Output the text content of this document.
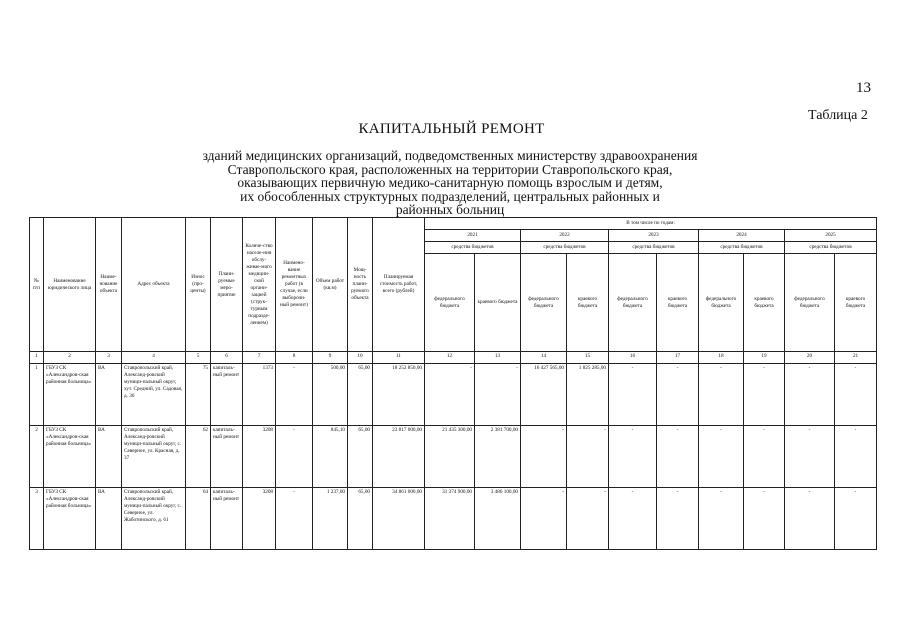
13
Таблица 2
КАПИТАЛЬНЫЙ РЕМОНТ
зданий медицинских организаций, подведомственных министерству здравоохранения
Ставропольского края, расположенных на территории Ставропольского края,
оказывающих первичную медико-санитарную помощь взрослым и детям,
их обособленных структурных подразделений, центральных районных и
районных больниц
№ п/п	Наименование юридического лица	Наиме-нование объекта	Адрес объекта	Износ (про-центы)	Плани-руемые меро-приятие	Количе-ство населе-ния обслу-живае-мого медицин-ской органи-зацией (струк-турным подразде-лением)	Наимено-вание ремонтных работ (в случае, если выборочн-ный ремонт)	Объем работ (кв.м)	Мощ-ность плани-руемого объекта	Планируемая стоимость работ, всего (рублей)	В том числе по годам:									
											2021		2022		2023		2024		2025	
											средства бюджетов		средства бюджетов		средства бюджетов		средства бюджетов		средства бюджетов	
											федерального бюджета	краевого бюджета	федерального бюджета	краевого бюджета	федерального бюджета	краевого бюджета	федерального бюджета	краевого бюджета	федерального бюджета	краевого бюджета
1	2	3	4	5	6	7	8	9	10	11	12	13	14	15	16	17	18	19	20	21
1	ГБУЗ СК «Александров-ская районная больница»	ВА	Ставропольский край, Александ-ровский муници-пальный округ, хут. Средний, ул. Садовая, д. 30	75	капиталь-ный ремонт	1373	-	500,00	65,00	18 252 850,00	-	-	16 427 565,00	1 825 285,00	-	-	-	-	-	-
2	ГБУЗ СК «Александров-ская районная больница»	ВА	Ставропольский край, Александ-ровский муници-пальный округ, с. Северное, ул. Красная, д. 37	62	капиталь-ный ремонт	3208	-	845,10	65,00	23 817 000,00	21 435 300,00	2 381 700,00	-	-	-	-	-	-	-	-
3	ГБУЗ СК «Александров-ская районная больница»	ВА	Ставропольский край, Александ-ровский муници-пальный округ, с. Северное, ул. Жаботинского, д. 61	64	капиталь-ный ремонт	3208	-	1 237,00	65,00	34 861 000,00	31 374 900,00	3 486 100,00	-	-	-	-	-	-	-	-
